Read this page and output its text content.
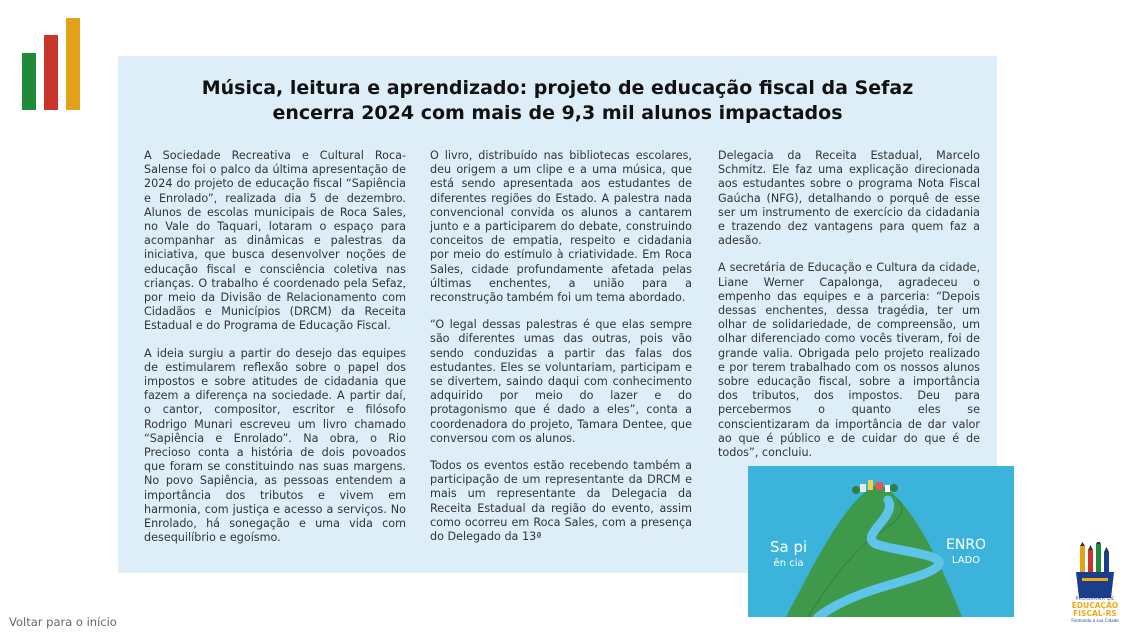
Música, leitura e aprendizado: projeto de educação fiscal da Sefaz
encerra 2024 com mais de 9,3 mil alunos impactados

A Sociedade Recreativa e Cultural Roca-Salense foi o palco da última apresentação de 2024 do projeto de educação fiscal “Sapiência e Enrolado”, realizada dia 5 de dezembro. Alunos de escolas municipais de Roca Sales, no Vale do Taquari, lotaram o espaço para acompanhar as dinâmicas e palestras da iniciativa, que busca desenvolver noções de educação fiscal e consciência coletiva nas crianças. O trabalho é coordenado pela Sefaz, por meio da Divisão de Relacionamento com Cidadãos e Municípios (DRCM) da Receita Estadual e do Programa de Educação Fiscal.

A ideia surgiu a partir do desejo das equipes de estimularem reflexão sobre o papel dos impostos e sobre atitudes de cidadania que fazem a diferença na sociedade. A partir daí, o cantor, compositor, escritor e filósofo Rodrigo Munari escreveu um livro chamado “Sapiência e Enrolado”. Na obra, o Rio Precioso conta a história de dois povoados que foram se constituindo nas suas margens. No povo Sapiência, as pessoas entendem a importância dos tributos e vivem em harmonia, com justiça e acesso a serviços. No Enrolado, há sonegação e uma vida com desequilíbrio e egoísmo.

O livro, distribuído nas bibliotecas escolares, deu origem a um clipe e a uma música, que está sendo apresentada aos estudantes de diferentes regiões do Estado. A palestra nada convencional convida os alunos a cantarem junto e a participarem do debate, construindo conceitos de empatia, respeito e cidadania por meio do estímulo à criatividade. Em Roca Sales, cidade profundamente afetada pelas últimas enchentes, a união para a reconstrução também foi um tema abordado.

“O legal dessas palestras é que elas sempre são diferentes umas das outras, pois vão sendo conduzidas a partir das falas dos estudantes. Eles se voluntariam, participam e se divertem, saindo daqui com conhecimento adquirido por meio do lazer e do protagonismo que é dado a eles”, conta a coordenadora do projeto, Tamara Dentee, que conversou com os alunos.

Todos os eventos estão recebendo também a participação de um representante da DRCM e mais um representante da Delegacia da Receita Estadual da região do evento, assim como ocorreu em Roca Sales, com a presença do Delegado da 13ª

Delegacia da Receita Estadual, Marcelo Schmitz. Ele faz uma explicação direcionada aos estudantes sobre o programa Nota Fiscal Gaúcha (NFG), detalhando o porquê de esse ser um instrumento de exercício da cidadania e trazendo dez vantagens para quem faz a adesão.

A secretária de Educação e Cultura da cidade, Liane Werner Capalonga, agradeceu o empenho das equipes e a parceria: “Depois dessas enchentes, dessa tragédia, ter um olhar de solidariedade, de compreensão, um olhar diferenciado como vocês tiveram, foi de grande valia. Obrigada pelo projeto realizado e por terem trabalhado com os nossos alunos sobre educação fiscal, sobre a importância dos tributos, dos impostos. Deu para percebermos o quanto eles se conscientizaram da importância de dar valor ao que é público e de cuidar do que é de todos”, concluiu.

Sa pi
ên cia
ENRO
LADO
Voltar para o início
PROGRAMA DE
EDUCAÇÃO
FISCAL-RS
Formando a sua Cidade
